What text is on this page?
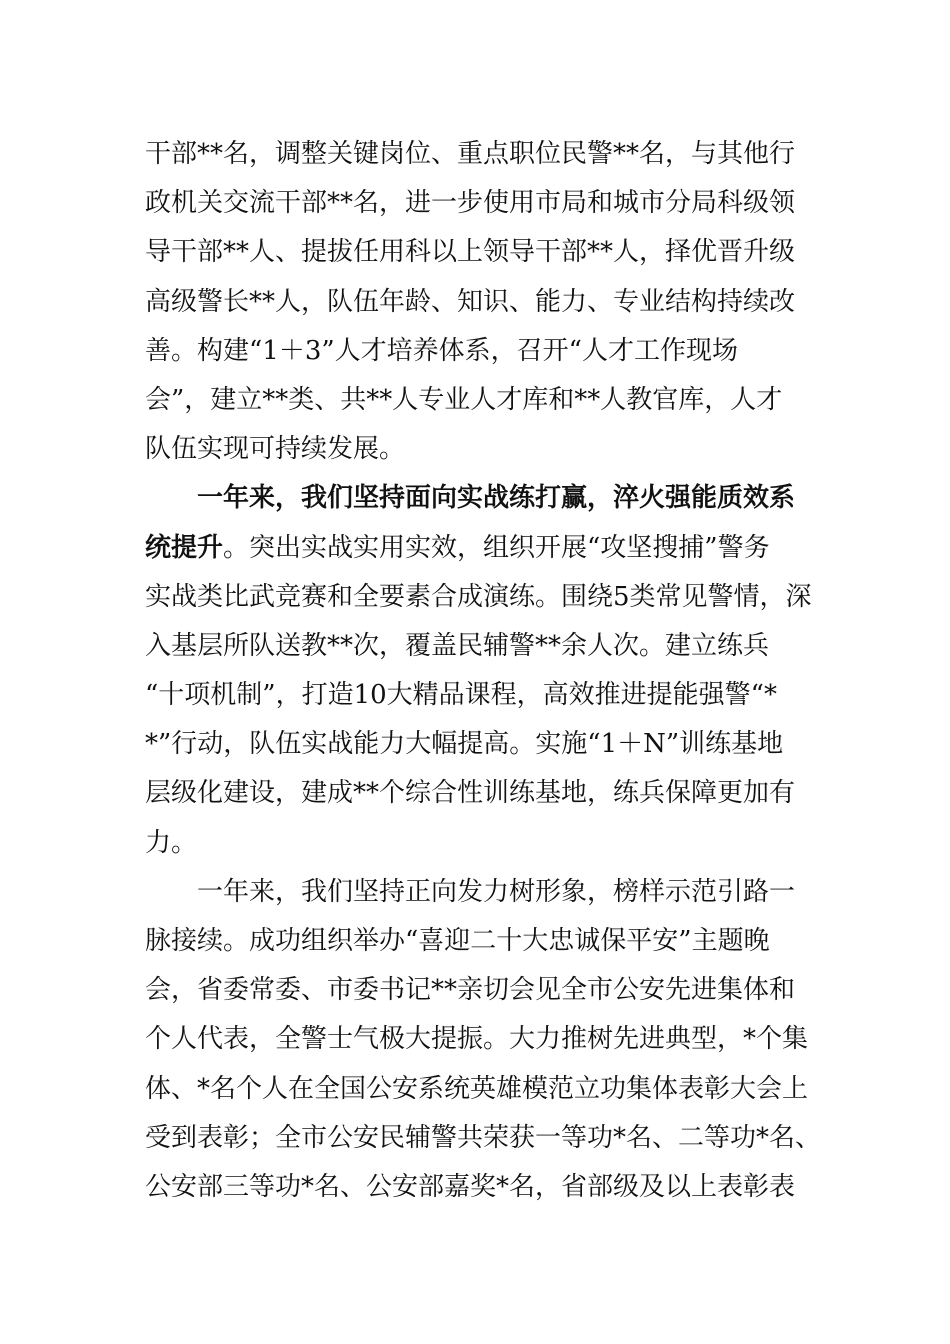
干部**名，调整关键岗位、重点职位民警**名，与其他行
政机关交流干部**名，进一步使用市局和城市分局科级领
导干部**人、提拔任用科以上领导干部**人，择优晋升级
高级警长**人，队伍年龄、知识、能力、专业结构持续改
善。构建“1＋3”人才培养体系，召开“人才工作现场
会”，建立**类、共**人专业人才库和**人教官库，人才
队伍实现可持续发展。
　　一年来，我们坚持面向实战练打赢，淬火强能质效系
统提升。突出实战实用实效，组织开展“攻坚搜捕”警务
实战类比武竞赛和全要素合成演练。围绕5类常见警情，深
入基层所队送教**次，覆盖民辅警**余人次。建立练兵
“十项机制”，打造10大精品课程，高效推进提能强警“*
*”行动，队伍实战能力大幅提高。实施“1＋N”训练基地
层级化建设，建成**个综合性训练基地，练兵保障更加有
力。
　　一年来，我们坚持正向发力树形象，榜样示范引路一
脉接续。成功组织举办“喜迎二十大忠诚保平安”主题晚
会，省委常委、市委书记**亲切会见全市公安先进集体和
个人代表，全警士气极大提振。大力推树先进典型，*个集
体、*名个人在全国公安系统英雄模范立功集体表彰大会上
受到表彰；全市公安民辅警共荣获一等功*名、二等功*名、
公安部三等功*名、公安部嘉奖*名，省部级及以上表彰表
